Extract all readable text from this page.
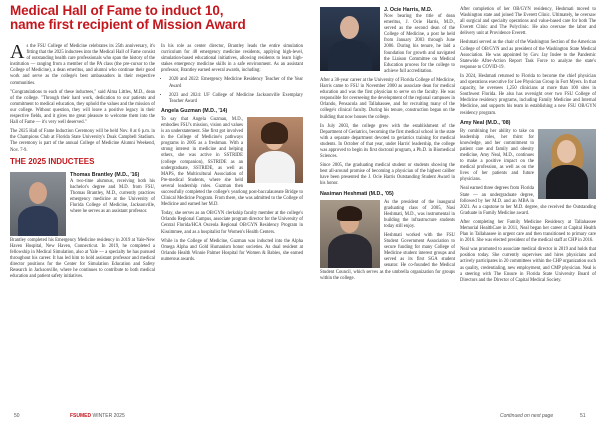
Medical Hall of Fame to induct 10,
name first recipient of Mission Award

As the FSU College of Medicine celebrates its 25th anniversary, it's fitting that the 2025 inductees into the Medical Hall of Fame consist of outstanding health care professionals who span the history of the institution — ranging from a member of the PA class (the pre-cursor to the College of Medicine), a dean emeritus, and alumni who continue their good work and serve as the college's best ambassadors in their respective communities.

"Congratulations to each of these inductees," said Alma Littles, M.D., dean of the college. "Through their hard work, dedication to our patients and commitment to medical education, they uphold the values and the mission of our college. Without question, they will leave a positive legacy in their respective fields, and it gives me great pleasure to welcome them into the Hall of Fame — it's very well deserved."

The 2025 Hall of Fame Induction Ceremony will be held Nov. 8 at 6 p.m. in the Champions Club at Florida State University's Doak Campbell Stadium. The ceremony is part of the annual College of Medicine Alumni Weekend, Nov. 7-9.

THE 2025 INDUCTEES
Thomas Brantley (M.D., '16)

A two-time alumnus, receiving both his bachelor's degree and M.D. from FSU, Thomas Brantley, M.D., currently practices emergency medicine at the University of Florida College of Medicine, Jacksonville, where he serves as an assistant professor.

Brantley completed his Emergency Medicine residency in 2019 at Yale-New Haven Hospital, New Haven, Connecticut. In 2019, he completed a fellowship in Medical Simulation, also at Yale — a specialty he has pursued throughout his career. It has led him to hold assistant professor and medical director positions for the Center for Simulation Education and Safety Research in Jacksonville, where he continues to contribute to both medical education and patient safety initiatives.

In his role as center director, Brantley leads the entire simulation curriculum for 48 emergency medicine residents, applying high-level, simulation-based educational initiatives, allowing residents to learn high-stakes emergency medicine skills in a safe environment. As an assistant professor, Brantley earned several awards, including:

• 2020 and 2022: Emergency Medicine Residency Teacher of the Year Award
• 2023 and 2024: UF College of Medicine Jacksonville Exemplary Teacher Award
Angela Guzman (M.D., '14)

To say that Angela Guzman, M.D., embodies FSU's mission, vision and values is an understatement. She first got involved in the College of Medicine's pathways programs in 2005 as a freshman. With a strong interest in medicine and helping others, she was active in SSTRIDE (college companion), SSTRIDE as an undergraduate, SSTRIDE, as well as MAPS, the Multicultural Association of Pre-medical Students, where she held several leadership roles. Guzman then successfully completed the college's yearlong post-baccalaureate Bridge to Clinical Medicine Program. From there, she was admitted to the College of Medicine and earned her M.D.

Today, she serves as an OB/GYN clerkship faculty member at the college's Orlando Regional Campus, associate program director for the University of Central Florida/HCA Osceola Regional OB/GYN Residency Program in Kissimmee, and as a hospitalist for Women's Health Centers.

While in the College of Medicine, Guzman was inducted into the Alpha Omega Alpha and Gold Humanism honor societies. As dual resident at Orlando Health Winnie Palmer Hospital for Women & Babies, she earned numerous awards.

J. Ocie Harris, M.D.

Now bearing the title of dean emeritus, J. Ocie Harris, M.D., served as the second dean of the College of Medicine, a post he held from January 2003 through June 2006. During his tenure, he laid a foundation for growth and navigated the Liaison Committee on Medical Education process for the college to achieve full accreditation.

After a 38-year career at the University of Florida College of Medicine, Harris came to FSU in November 2000 as associate dean for medical education and was the first physician to serve on the faculty. He was responsible for overseeing the development of the regional campuses in Orlando, Pensacola and Tallahassee, and for recruiting many of the college's clinical faculty. During his tenure, construction began on the building that now houses the college.

In July 2003, the college grew with the establishment of the Department of Geriatrics, becoming the first medical school in the state with a separate department devoted to geriatrics training for medical students. In October of that year, under Harris' leadership, the college was approved to begin its first doctoral program, a Ph.D. in Biomedical Sciences.

Since 2005, the graduating medical student or students showing the best all-around promise of becoming a physician of the highest caliber have been presented the J. Ocie Harris Outstanding Student Award in his honor.

Nasiman Heshmati (M.D., '05)

As the president of the inaugural graduating class of 2005, Nasi Heshmati, M.D., was instrumental in building the infrastructure students today still enjoy.

Heshmati worked with the FSU Student Government Association to secure funding for many College of Medicine student interest groups and served as its first SGA student senator. He co-founded the Medical Student Council, which serves as the umbrella organization for groups within the college.

After completion of her OB/GYN residency, Heshmati moved to Washington state and joined The Everett Clinic. Ultimately, he oversaw all surgical and specialty operations and value-based care for both The Everett Clinic and The Polyclinic. He also oversaw the labor and delivery unit at Providence Everett.

Heshmati served as the chair of the Washington Section of the American College of OB/GYN and as president of the Washington State Medical Association. He was appointed by Gov. Jay Inslee to the Pandemic Statewide After-Action Report Task Force to analyze the state's response to COVID-19.

In 2024, Heshmati returned to Florida to become the chief physician and operations executive for Lee Physician Group in Fort Myers. In that capacity, he oversees 1,250 clinicians at more than 100 sites in Southwest Florida. He also has oversight over two FSU College of Medicine residency programs, including Family Medicine and Internal Medicine, and supports his team in establishing a new FSU OB/GYN residency program.

Amy Neal (M.D., '08)

By combining her ability to take on leadership roles, her thirst for knowledge, and her commitment to patient care and family and obesity medicine, Amy Neal, M.D., continues to make a positive impact on the medical profession, as well as on the lives of her patients and future physicians.

Neal earned three degrees from Florida State — an undergraduate degree, followed by her M.D. and an MBA in 2021. As a capstone to her M.D. degree, she received the Outstanding Graduate in Family Medicine award.

After completing her Family Medicine Residency at Tallahassee Memorial HealthCare in 2011, Neal began her career at Capital Health Plan in Tallahassee in urgent care and then transitioned to primary care in 2016. She was elected president of the medical staff at CHP in 2016.

Neal was promoted to associate medical director in 2019 and holds that position today. She currently supervises and hires physicians and actively participates in 20 committees within the CHP organization such as quality, credentialing, new employment, and CMP physician. Neal is a steering with The Ensure in Florida State University Board of Directors and the Director of Capital Medical Society.

50	FSUMED WINTER 2025	Continued on next page	51
